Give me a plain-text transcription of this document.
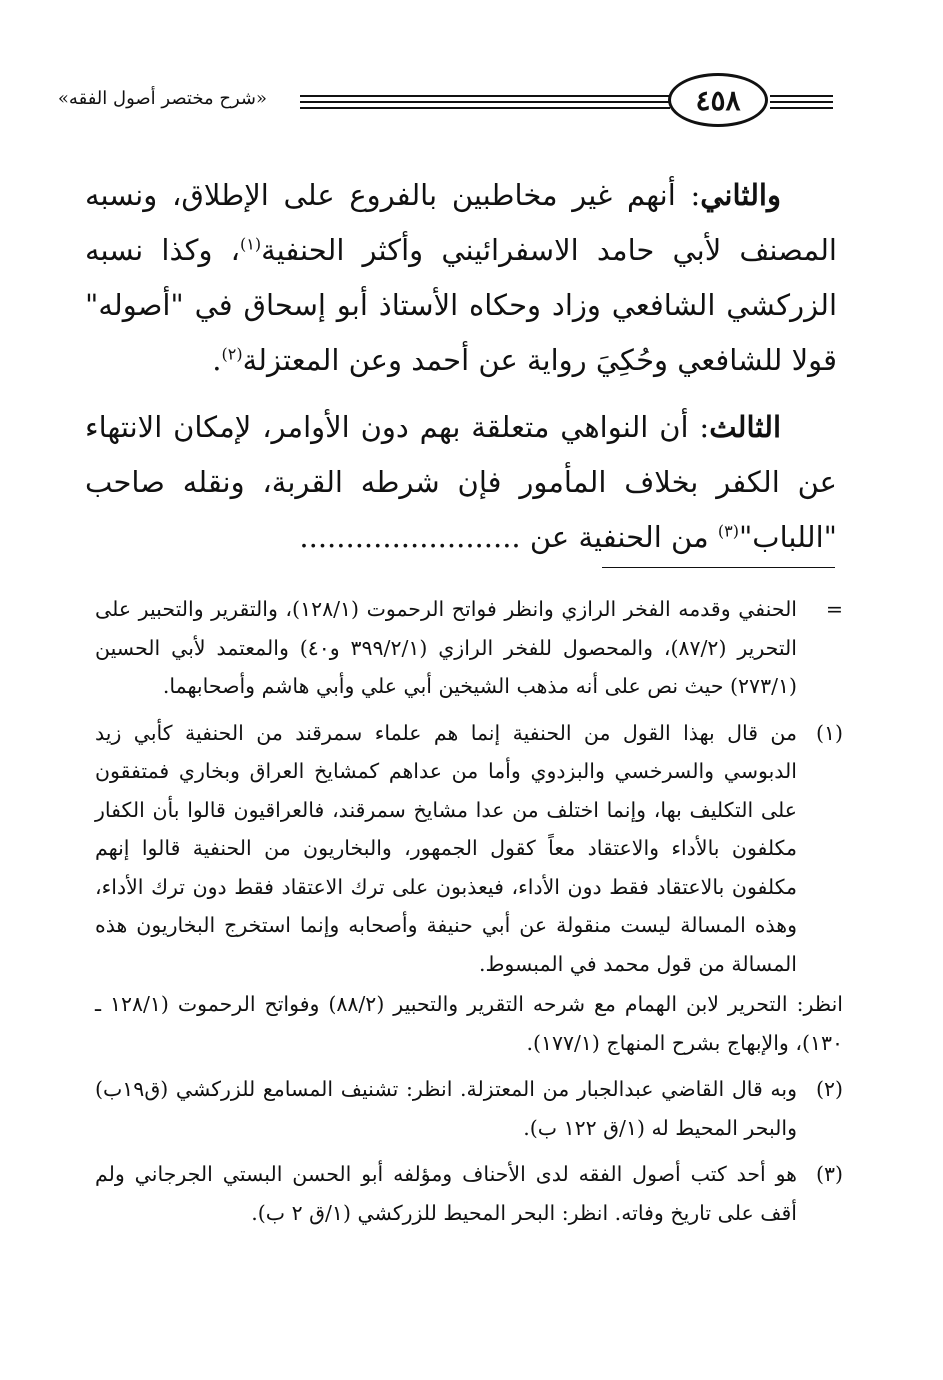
«شرح مختصر أصول الفقه»	٤٥٨

والثاني: أنهم غير مخاطبين بالفروع على الإطلاق، ونسبه المصنف لأبي حامد الاسفرائيني وأكثر الحنفية$^{(١)}$، وكذا نسبه الزركشي الشافعي وزاد وحكاه الأستاذ أبو إسحاق في "أصوله" قولا للشافعي وحُكِيَ رواية عن أحمد وعن المعتزلة$^{(٢)}$.

الثالث: أن النواهي متعلقة بهم دون الأوامر، لإمكان الانتهاء عن الكفر بخلاف المأمور فإن شرطه القربة، ونقله صاحب "اللباب"$^{(٣)}$ من الحنفية عن ........................

=

الحنفي وقدمه الفخر الرازي وانظر فواتح الرحموت (١٢٨/١)، والتقرير والتحبير على التحرير (٨٧/٢)، والمحصول للفخر الرازي (٣٩٩/٢/١ و٤٠) والمعتمد لأبي الحسين (٢٧٣/١) حيث نص على أنه مذهب الشيخين أبي علي وأبي هاشم وأصحابهما.

(١)

من قال بهذا القول من الحنفية إنما هم علماء سمرقند من الحنفية كأبي زيد الدبوسي والسرخسي والبزدوي وأما من عداهم كمشايخ العراق وبخاري فمتفقون على التكليف بها، وإنما اختلف من عدا مشايخ سمرقند، فالعراقيون قالوا بأن الكفار مكلفون بالأداء والاعتقاد معاً كقول الجمهور، والبخاريون من الحنفية قالوا إنهم مكلفون بالاعتقاد فقط دون الأداء، فيعذبون على ترك الاعتقاد فقط دون ترك الأداء، وهذه المسالة ليست منقولة عن أبي حنيفة وأصحابه وإنما استخرج البخاريون هذه المسالة من قول محمد في المبسوط.

انظر: التحرير لابن الهمام مع شرحه التقرير والتحبير (٨٨/٢) وفواتح الرحموت (١٢٨/١ ـ ١٣٠)، والإبهاج بشرح المنهاج (١٧٧/١).

(٢)

وبه قال القاضي عبدالجبار من المعتزلة. انظر: تشنيف المسامع للزركشي (ق١٩ب) والبحر المحيط له (١/ق ١٢٢ ب).

(٣)

هو أحد كتب أصول الفقه لدى الأحناف ومؤلفه أبو الحسن البستي الجرجاني ولم أقف على تاريخ وفاته. انظر: البحر المحيط للزركشي (١/ق ٢ ب).
